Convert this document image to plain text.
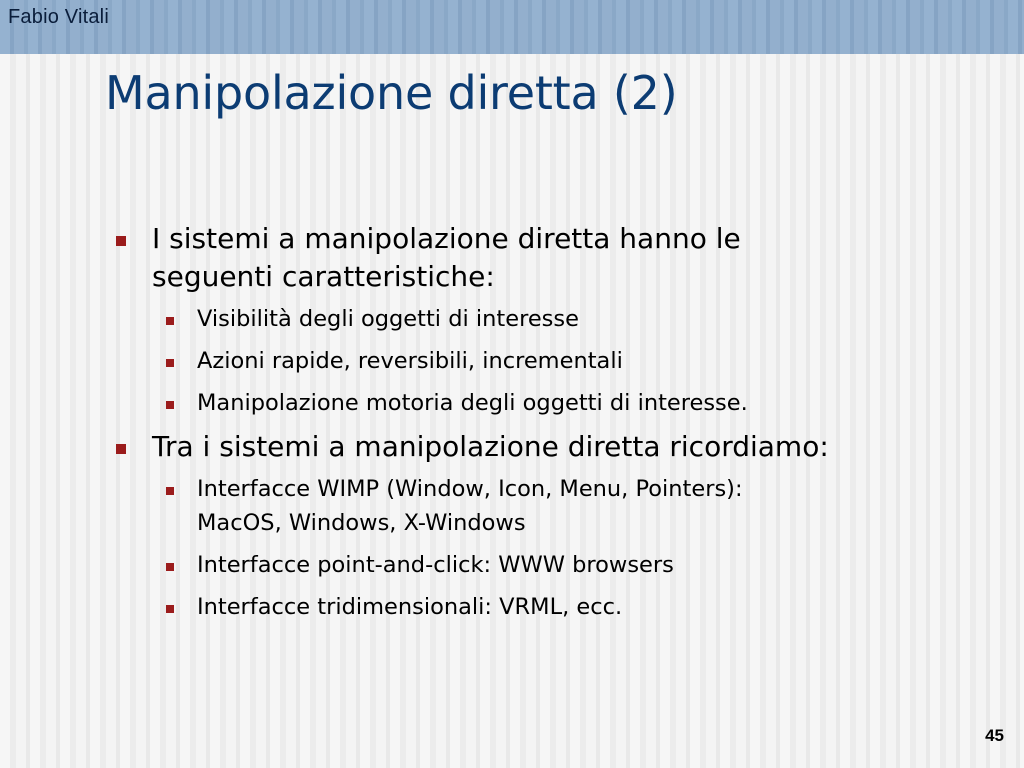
Fabio Vitali
Manipolazione diretta (2)
I sistemi a manipolazione diretta hanno le
seguenti caratteristiche:
Visibilità degli oggetti di interesse
Azioni rapide, reversibili, incrementali
Manipolazione motoria degli oggetti di interesse.
Tra i sistemi a manipolazione diretta ricordiamo:
Interfacce WIMP (Window, Icon, Menu, Pointers):
MacOS, Windows, X-Windows
Interfacce point-and-click: WWW browsers
Interfacce tridimensionali: VRML, ecc.
45
